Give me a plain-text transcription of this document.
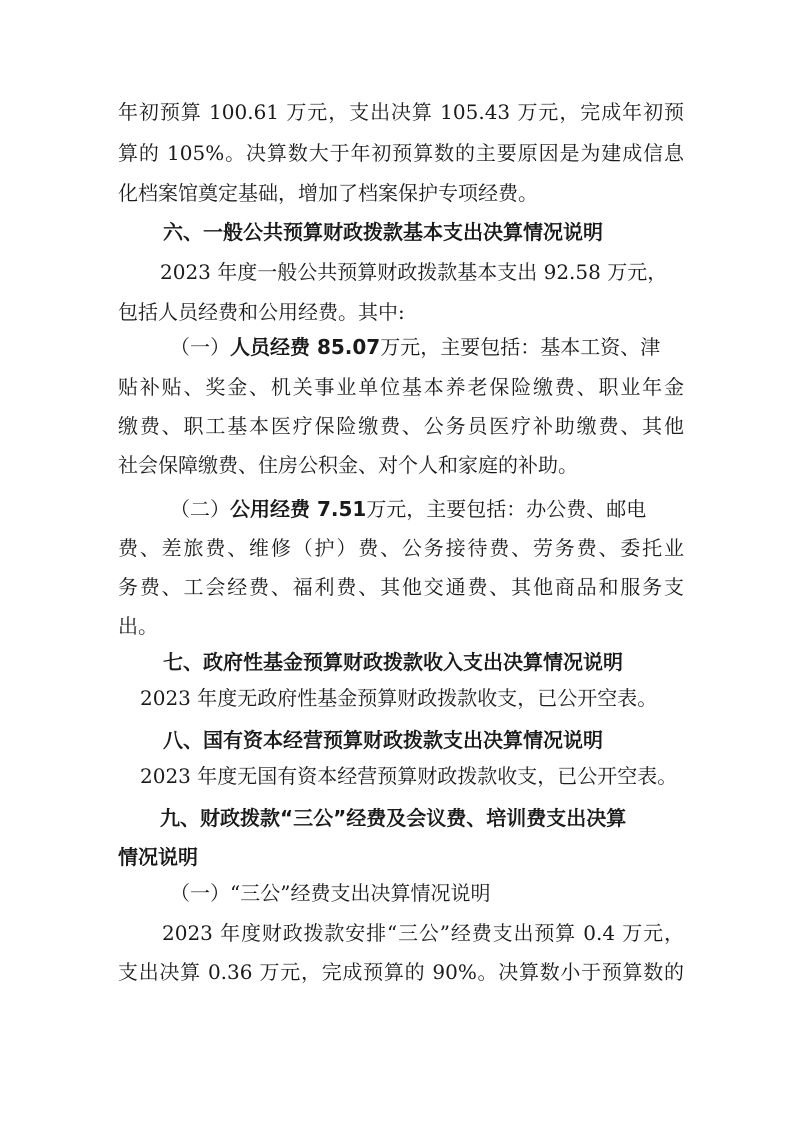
年初预算 100.61 万元，支出决算 105.43 万元，完成年初预

算的 105%。决算数大于年初预算数的主要原因是为建成信息

化档案馆奠定基础，增加了档案保护专项经费。

六、一般公共预算财政拨款基本支出决算情况说明

2023 年度一般公共预算财政拨款基本支出 92.58 万元，

包括人员经费和公用经费。其中:

（一）人员经费 85.07万元，主要包括：基本工资、津

贴补贴、奖金、机关事业单位基本养老保险缴费、职业年金

缴费、职工基本医疗保险缴费、公务员医疗补助缴费、其他

社会保障缴费、住房公积金、对个人和家庭的补助。

（二）公用经费 7.51万元，主要包括：办公费、邮电

费、差旅费、维修（护）费、公务接待费、劳务费、委托业

务费、工会经费、福利费、其他交通费、其他商品和服务支

出。

七、政府性基金预算财政拨款收入支出决算情况说明

2023 年度无政府性基金预算财政拨款收支，已公开空表。

八、国有资本经营预算财政拨款支出决算情况说明

2023 年度无国有资本经营预算财政拨款收支，已公开空表。

九、财政拨款“三公”经费及会议费、培训费支出决算

情况说明

（一）“三公”经费支出决算情况说明

2023 年度财政拨款安排“三公”经费支出预算 0.4 万元，

支出决算 0.36 万元，完成预算的 90%。决算数小于预算数的
